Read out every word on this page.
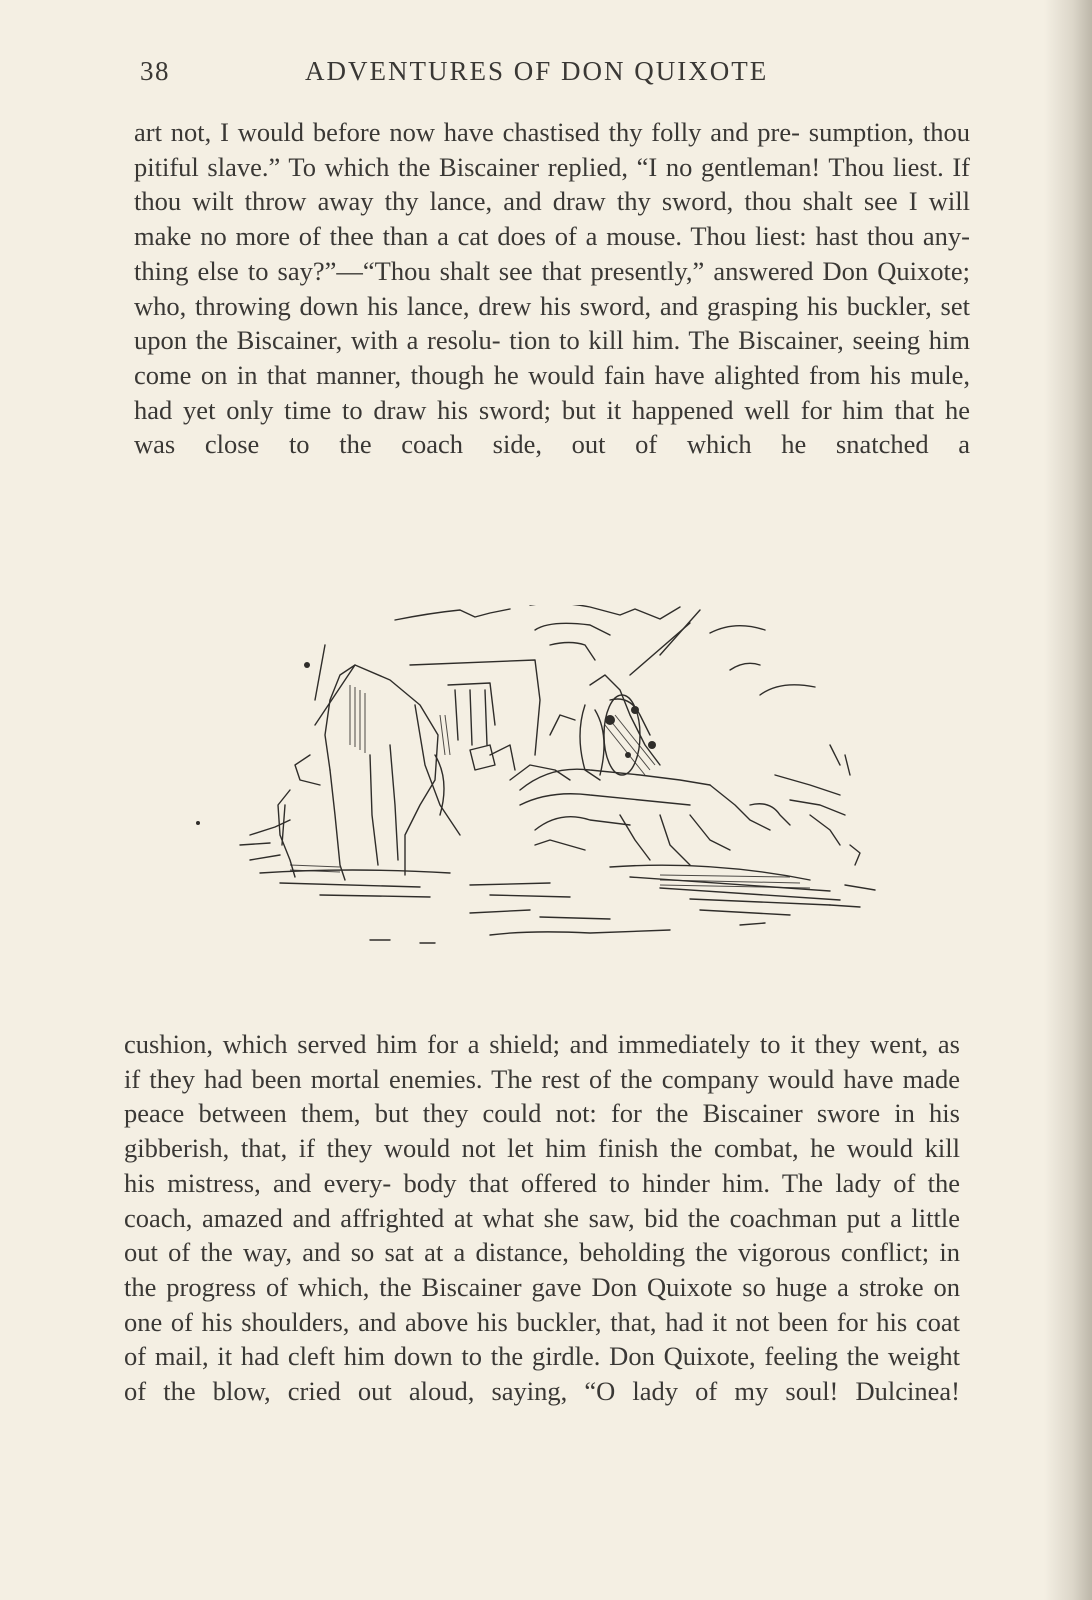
38	ADVENTURES OF DON QUIXOTE

art not, I would before now have chastised thy folly and pre- sumption, thou pitiful slave.” To which the Biscainer replied, “I no gentleman! Thou liest. If thou wilt throw away thy lance, and draw thy sword, thou shalt see I will make no more of thee than a cat does of a mouse. Thou liest: hast thou any- thing else to say?”—“Thou shalt see that presently,” answered Don Quixote; who, throwing down his lance, drew his sword, and grasping his buckler, set upon the Biscainer, with a resolu- tion to kill him. The Biscainer, seeing him come on in that manner, though he would fain have alighted from his mule, had yet only time to draw his sword; but it happened well for him that he was close to the coach side, out of which he snatched a

cushion, which served him for a shield; and immediately to it they went, as if they had been mortal enemies. The rest of the company would have made peace between them, but they could not: for the Biscainer swore in his gibberish, that, if they would not let him finish the combat, he would kill his mistress, and every- body that offered to hinder him. The lady of the coach, amazed and affrighted at what she saw, bid the coachman put a little out of the way, and so sat at a distance, beholding the vigorous conflict; in the progress of which, the Biscainer gave Don Quixote so huge a stroke on one of his shoulders, and above his buckler, that, had it not been for his coat of mail, it had cleft him down to the girdle. Don Quixote, feeling the weight of the blow, cried out aloud, saying, “O lady of my soul! Dulcinea!
